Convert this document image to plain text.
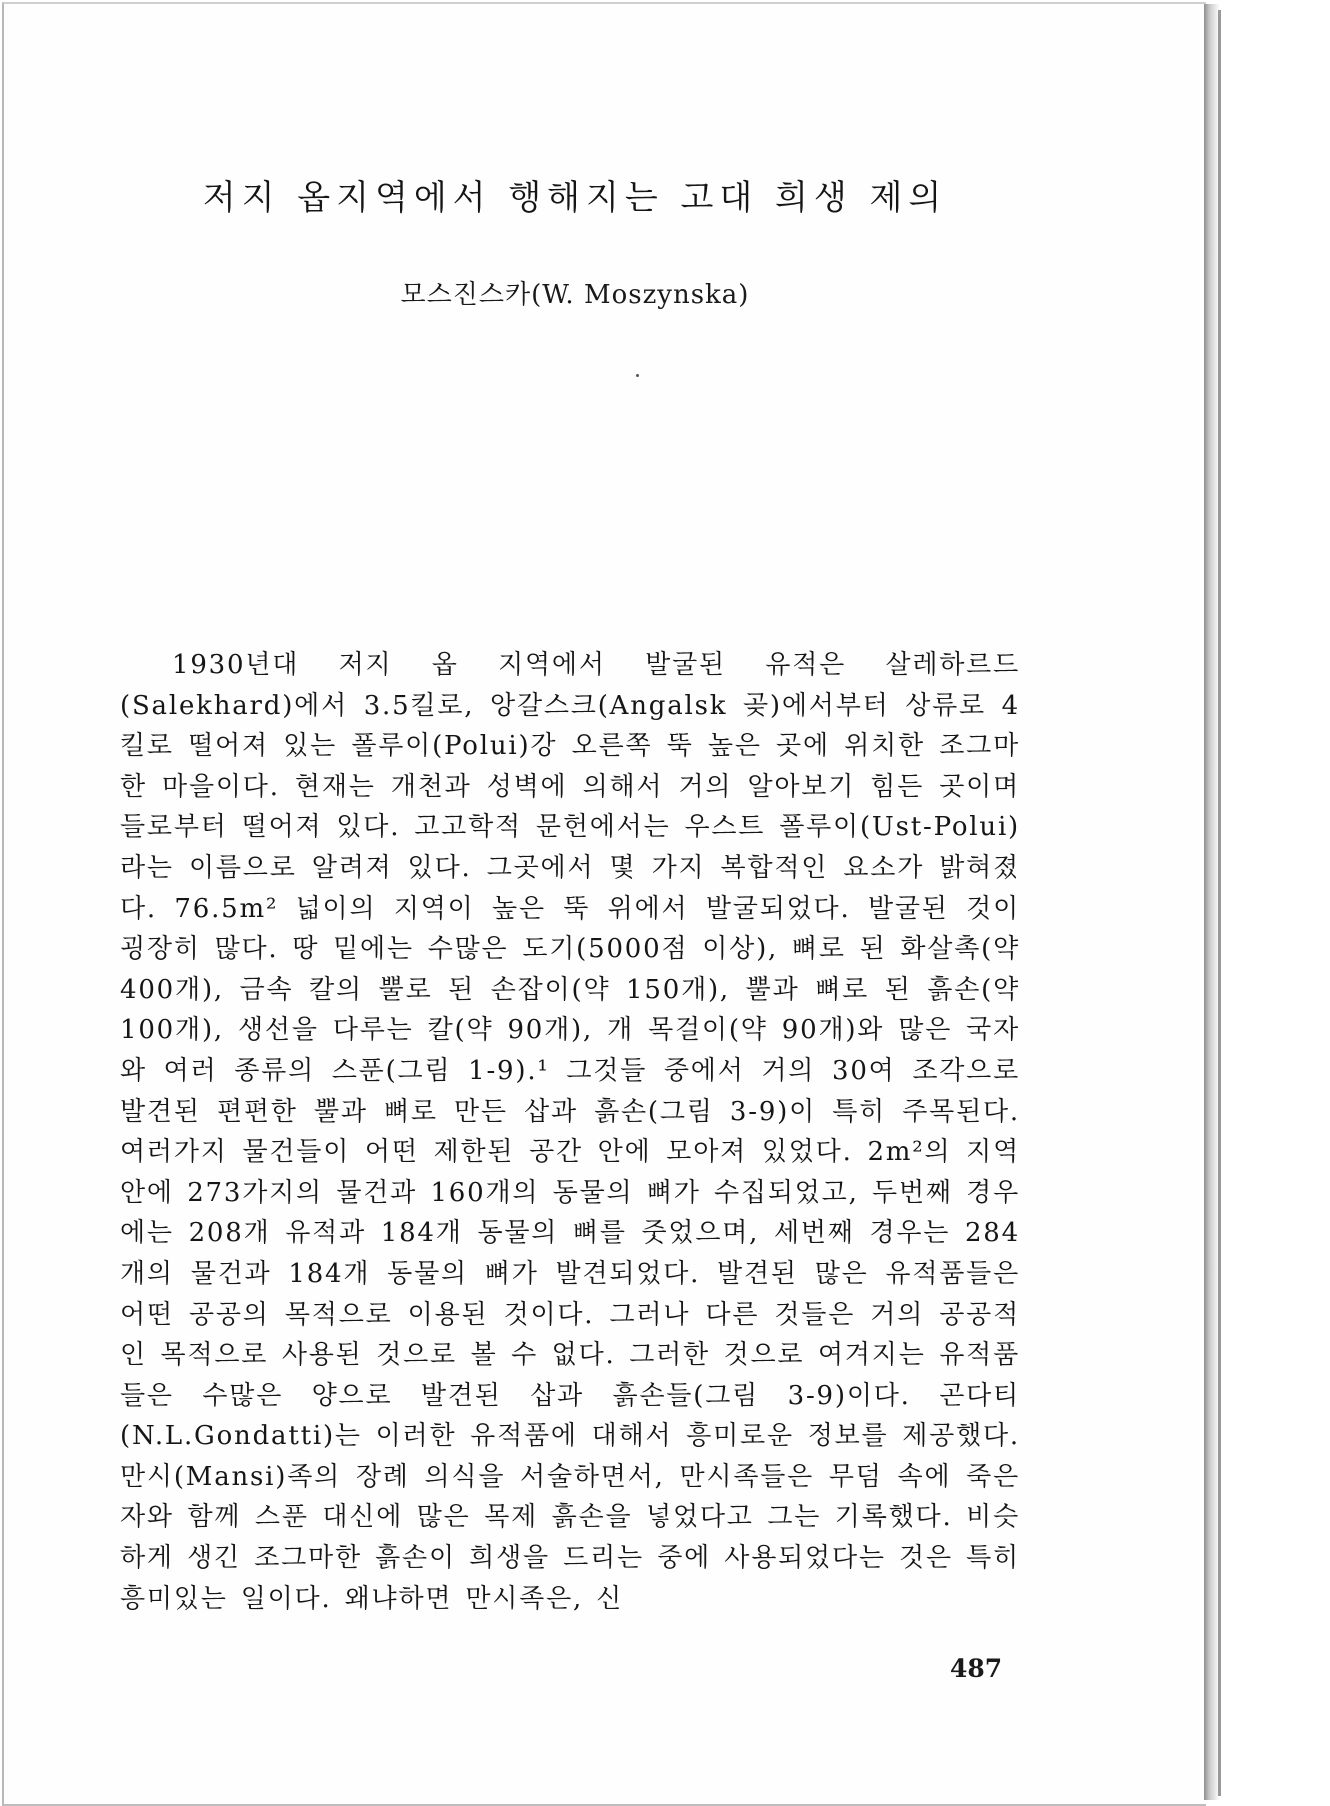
저지 옵지역에서 행해지는 고대 희생 제의
모스진스카(W. Moszynska)

1930년대 저지 옵 지역에서 발굴된 유적은 살레하르드(Salekhard)에서 3.5킬로, 앙갈스크(Angalsk 곶)에서부터 상류로 4킬로 떨어져 있는 폴루이(Polui)강 오른쪽 뚝 높은 곳에 위치한 조그마한 마을이다. 현재는 개천과 성벽에 의해서 거의 알아보기 힘든 곳이며 들로부터 떨어져 있다. 고고학적 문헌에서는 우스트 폴루이(Ust-Polui)라는 이름으로 알려져 있다. 그곳에서 몇 가지 복합적인 요소가 밝혀졌다. 76.5m² 넓이의 지역이 높은 뚝 위에서 발굴되었다. 발굴된 것이 굉장히 많다. 땅 밑에는 수많은 도기(5000점 이상), 뼈로 된 화살촉(약 400개), 금속 칼의 뿔로 된 손잡이(약 150개), 뿔과 뼈로 된 흙손(약 100개), 생선을 다루는 칼(약 90개), 개 목걸이(약 90개)와 많은 국자와 여러 종류의 스푼(그림 1-9).¹ 그것들 중에서 거의 30여 조각으로 발견된 편편한 뿔과 뼈로 만든 삽과 흙손(그림 3-9)이 특히 주목된다. 여러가지 물건들이 어떤 제한된 공간 안에 모아져 있었다. 2m²의 지역 안에 273가지의 물건과 160개의 동물의 뼈가 수집되었고, 두번째 경우에는 208개 유적과 184개 동물의 뼈를 줏었으며, 세번째 경우는 284개의 물건과 184개 동물의 뼈가 발견되었다. 발견된 많은 유적품들은 어떤 공공의 목적으로 이용된 것이다. 그러나 다른 것들은 거의 공공적인 목적으로 사용된 것으로 볼 수 없다. 그러한 것으로 여겨지는 유적품들은 수많은 양으로 발견된 삽과 흙손들(그림 3-9)이다. 곤다티(N.L.Gondatti)는 이러한 유적품에 대해서 흥미로운 정보를 제공했다. 만시(Mansi)족의 장례 의식을 서술하면서, 만시족들은 무덤 속에 죽은 자와 함께 스푼 대신에 많은 목제 흙손을 넣었다고 그는 기록했다. 비슷하게 생긴 조그마한 흙손이 희생을 드리는 중에 사용되었다는 것은 특히 흥미있는 일이다. 왜냐하면 만시족은, 신

487
